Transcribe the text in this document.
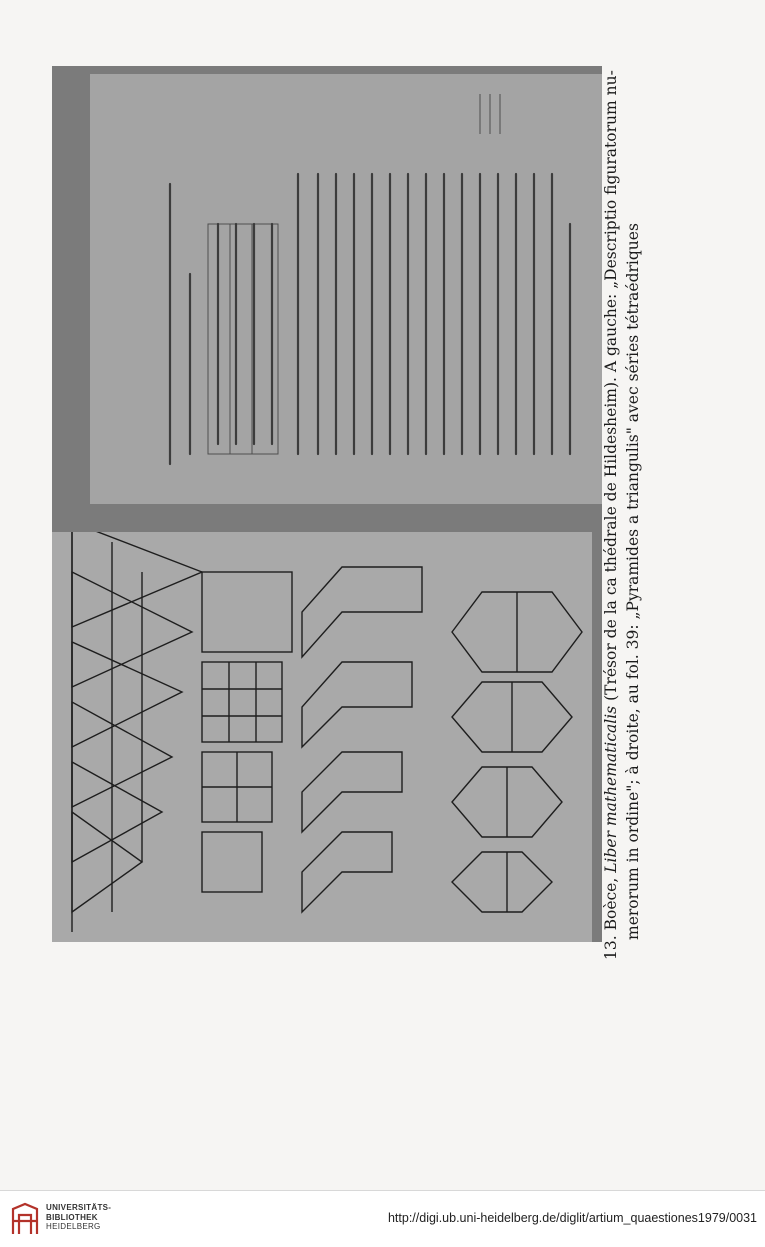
13. Boèce, Liber mathematicalis (Trésor de la ca thédrale de Hildesheim). A gauche: „Descriptio figuratorum nu- merorum in ordine"; à droite, au fol. 39: „Pyramides a triangulis" avec séries tétraédriques
UNIVERSITÄTS-
BIBLIOTHEK
HEIDELBERG
http://digi.ub.uni-heidelberg.de/diglit/artium_quaestiones1979/0031
